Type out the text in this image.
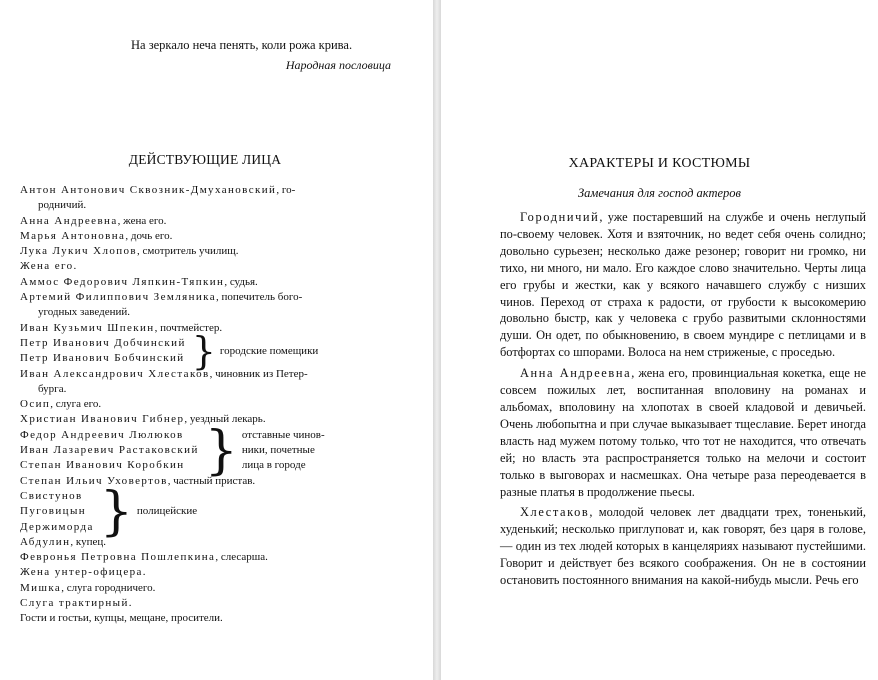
На зеркало неча пенять, коли рожа крива.
Народная пословица
ДЕЙСТВУЮЩИЕ ЛИЦА
Антон Антонович Сквозник-Дмухановский, го-
родничий.
Анна Андреевна, жена его.
Марья Антоновна, дочь его.
Лука Лукич Хлопов, смотритель училищ.
Жена его.
Аммос Федорович Ляпкин-Тяпкин, судья.
Артемий Филиппович Земляника, попечитель бого-
угодных заведений.
Иван Кузьмич Шпекин, почтмейстер.
Петр Иванович Добчинский
Петр Иванович Бобчинский } городские помещики
Иван Александрович Хлестаков, чиновник из Петер-
бурга.
Осип, слуга его.
Христиан Иванович Гибнер, уездный лекарь.
Федор Андреевич Люлюков
Иван Лазаревич Растаковский
Степан Иванович Коробкин } отставные чинов-
ники, почетные
лица в городе
Степан Ильич Уховертов, частный пристав.
Свистунов
Пуговицын
Держиморда } полицейские
Абдулин, купец.
Февронья Петровна Пошлепкина, слесарша.
Жена унтер-офицера.
Мишка, слуга городничего.
Слуга трактирный.
Гости и гостьи, купцы, мещане, просители.
ХАРАКТЕРЫ И КОСТЮМЫ
Замечания для господ актеров

Городничий, уже постаревший на службе и очень неглупый по-своему человек. Хотя и взяточник, но ведет себя очень солидно; довольно сурьезен; несколько даже резонер; говорит ни громко, ни тихо, ни много, ни мало. Его каждое слово значительно. Черты лица его грубы и жестки, как у всякого начавшего службу с низших чинов. Переход от страха к радости, от грубости к высокомерию довольно быстр, как у человека с грубо развитыми склонностями души. Он одет, по обыкновению, в своем мундире с петлицами и в ботфортах со шпорами. Волоса на нем стриженые, с проседью.

Анна Андреевна, жена его, провинциальная кокетка, еще не совсем пожилых лет, воспитанная вполовину на романах и альбомах, вполовину на хлопотах в своей кладовой и девичьей. Очень любопытна и при случае выказывает тщеславие. Берет иногда власть над мужем потому только, что тот не находится, что отвечать ей; но власть эта распространяется только на мелочи и состоит только в выговорах и насмешках. Она четыре раза переодевается в разные платья в продолжение пьесы.

Хлестаков, молодой человек лет двадцати трех, тоненький, худенький; несколько приглуповат и, как говорят, без царя в голове, — один из тех людей которых в канцеляриях называют пустейшими. Говорит и действует без всякого соображения. Он не в состоянии остановить постоянного внимания на какой-нибудь мысли. Речь его
